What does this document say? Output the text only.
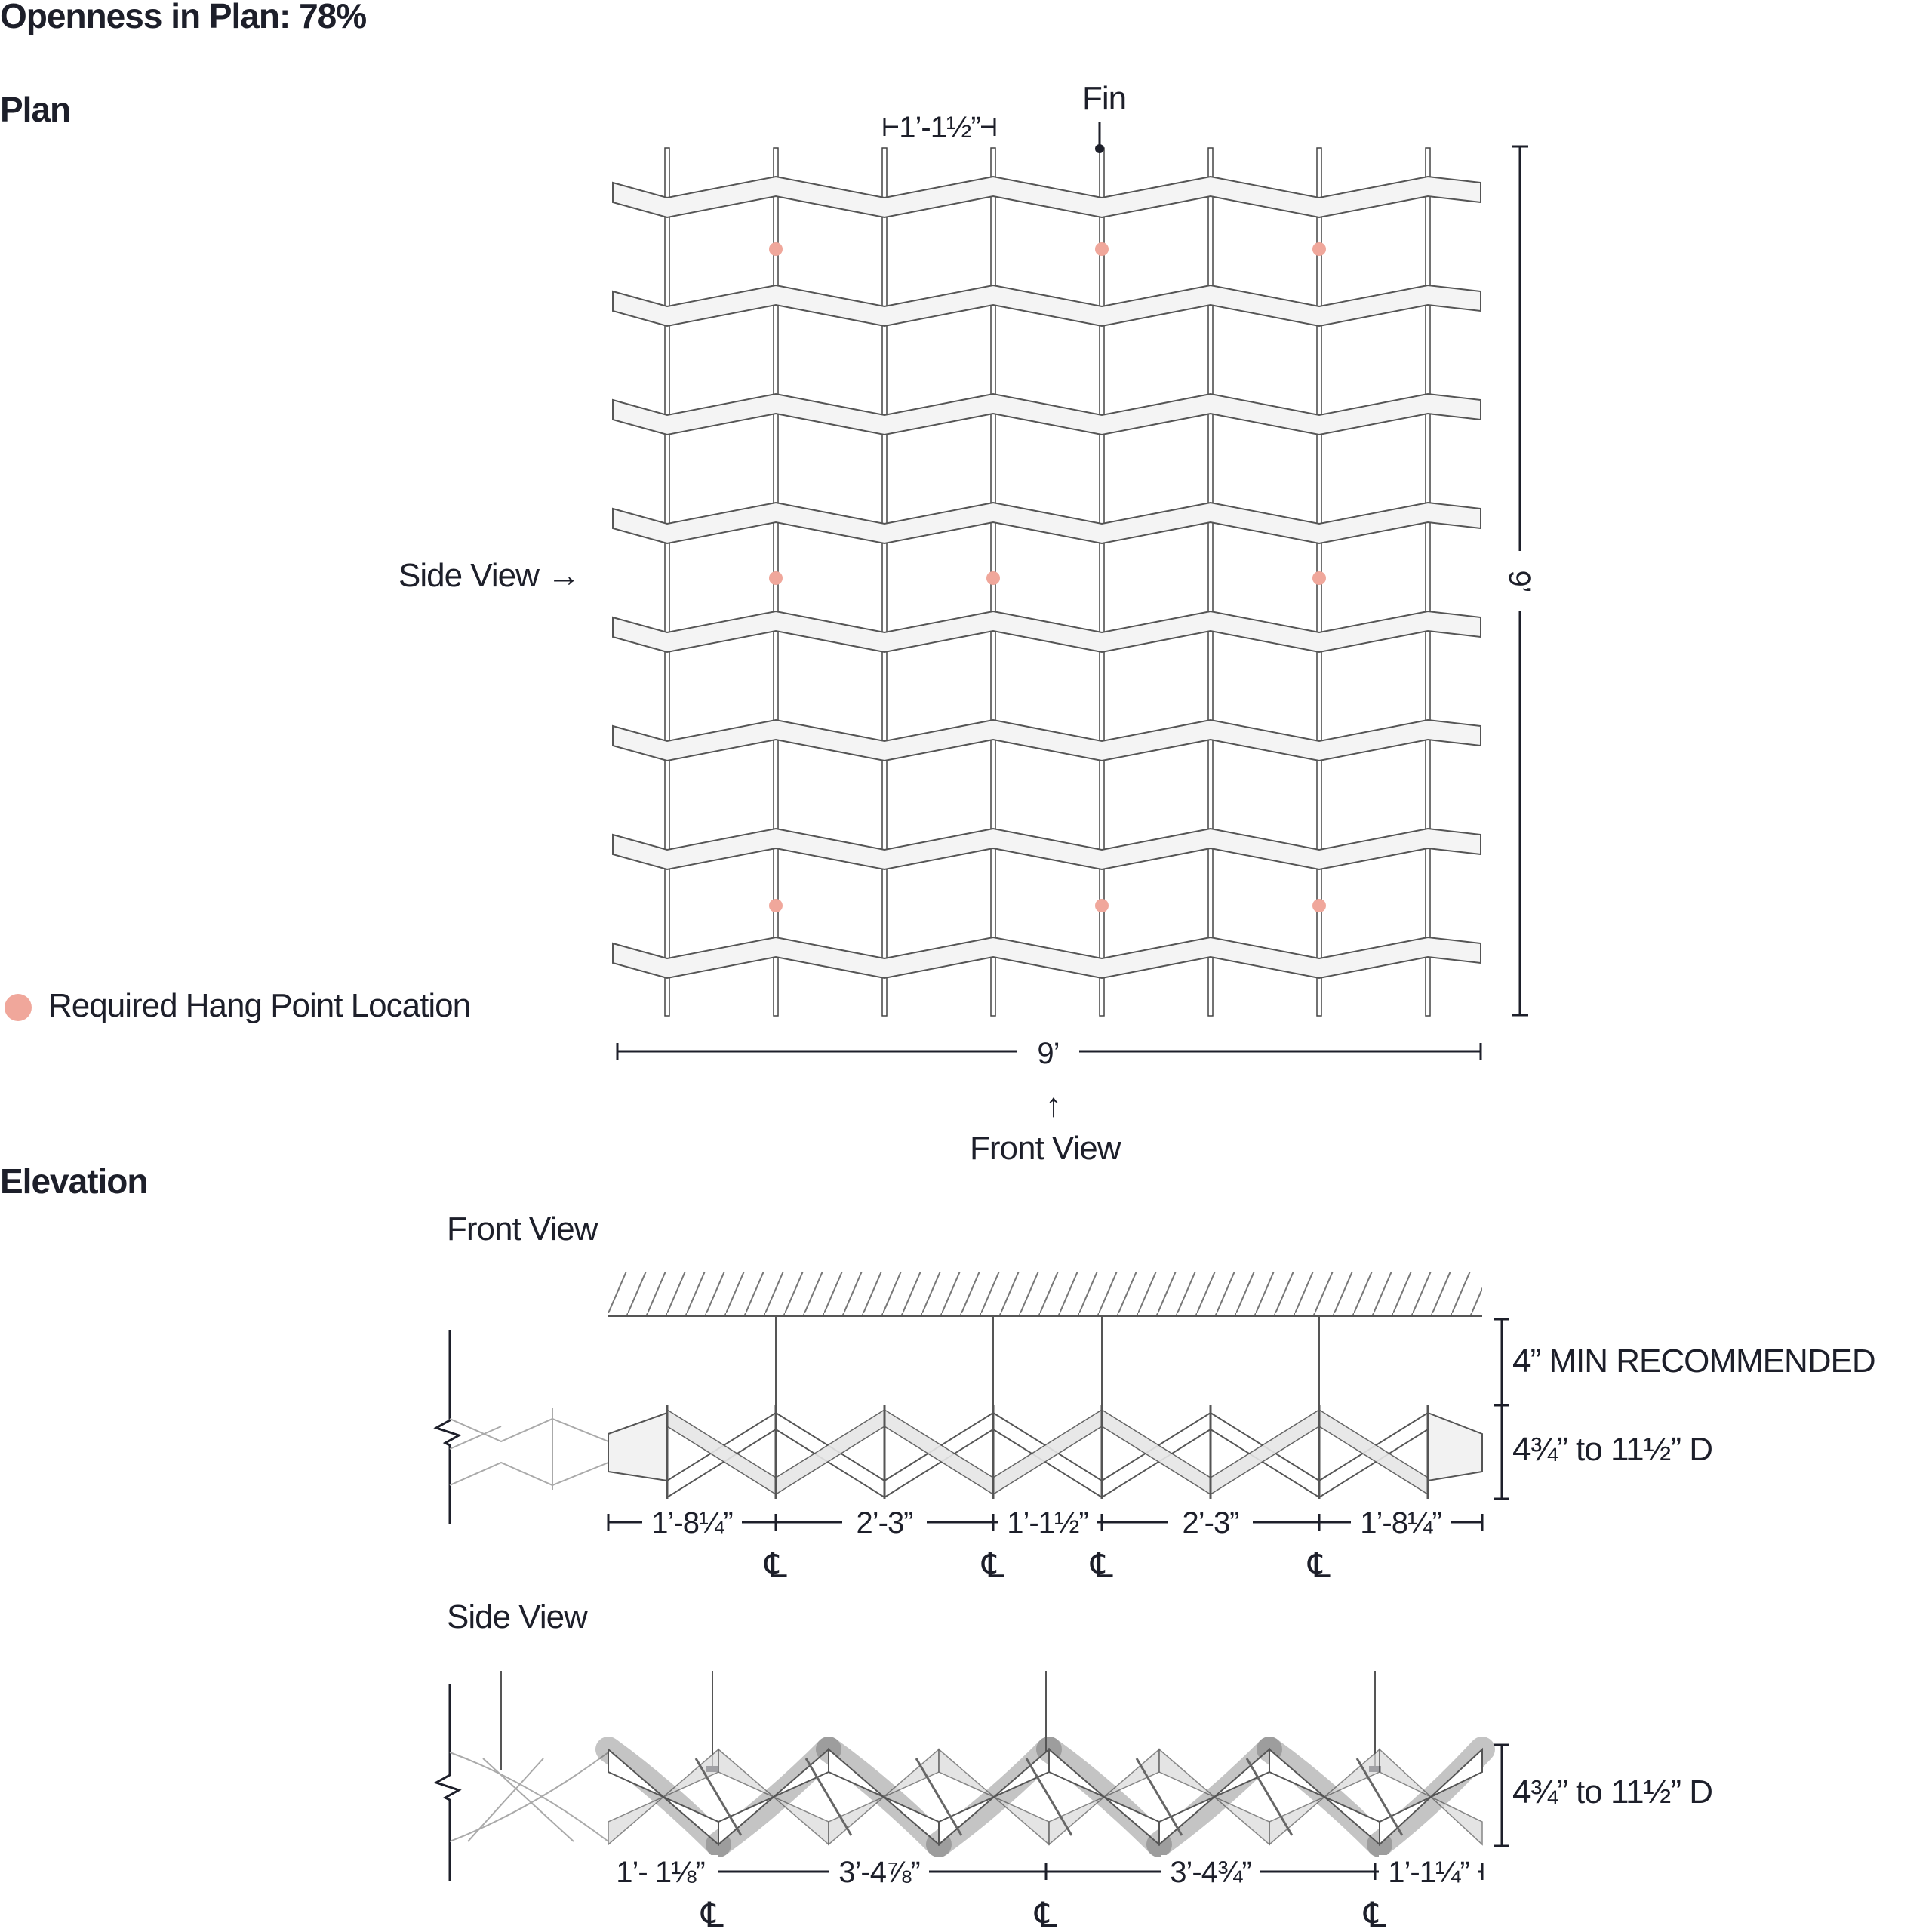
Openness in Plan: 78%
Plan
Elevation
Side View →
Fin
↑
Front View
Required Hang Point Location
Front View
Side View
4” MIN RECOMMENDED
4¾” to 11½” D
4¾” to 11½” D
1’-1½”
9’
9’
1’-8¼”	2’-3”	1’-1½”	2’-3”	1’-8¼”
℄	℄ ℄	℄
1’- 1⅛”	3’-4⅞”	3’-4¾”	1’-1¼”
℄	℄	℄
